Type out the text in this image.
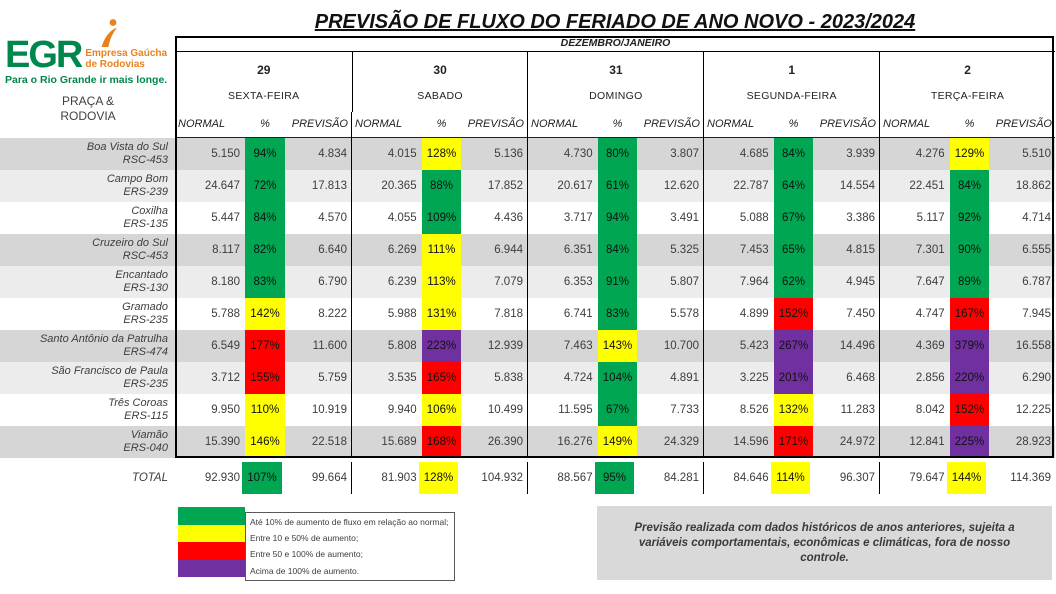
EGR Empresa Gaúcha
de Rodovias
Para o Rio Grande ir mais longe.
PRAÇA &
RODOVIA
PREVISÃO DE FLUXO DO FERIADO DE ANO NOVO - 2023/2024
DEZEMBRO/JANEIRO
29	30	31	1	2
SEXTA-FEIRA	SABADO	DOMINGO	SEGUNDA-FEIRA	TERÇA-FEIRA
NORMAL	%	PREVISÃO NORMAL	%	PREVISÃO NORMAL	%	PREVISÃO NORMAL	%	PREVISÃO NORMAL	%	PREVISÃO
Boa Vista do Sul
RSC-453	5.150	94%	4.834	4.015 128%	5.136	4.730	80%	3.807	4.685	84%	3.939	4.276 129%	5.510
Campo Bom
ERS-239	24.647	72%	17.813	20.365	88%	17.852	20.617	61%	12.620	22.787	64%	14.554	22.451	84%	18.862
Coxilha
ERS-135	5.447	84%	4.570	4.055 109%	4.436	3.717	94%	3.491	5.088	67%	3.386	5.117	92%	4.714
Cruzeiro do Sul
RSC-453	8.117	82%	6.640	6.269 111%	6.944	6.351	84%	5.325	7.453	65%	4.815	7.301	90%	6.555
Encantado
ERS-130	8.180	83%	6.790	6.239 113%	7.079	6.353	91%	5.807	7.964	62%	4.945	7.647	89%	6.787
Gramado
ERS-235	5.788 142%	8.222	5.988 131%	7.818	6.741	83%	5.578	4.899 152%	7.450	4.747 167%	7.945
Santo Antônio da Patrulha
ERS-474	6.549 177%	11.600	5.808 223%	12.939	7.463 143%	10.700	5.423 267%	14.496	4.369 379%	16.558
São Francisco de Paula
ERS-235	3.712 155%	5.759	3.535 165%	5.838	4.724 104%	4.891	3.225 201%	6.468	2.856 220%	6.290
Três Coroas
ERS-115	9.950 110%	10.919	9.940 106%	10.499	11.595	67%	7.733	8.526 132%	11.283	8.042 152%	12.225
Viamão
ERS-040	15.390 146%	22.518	15.689 168%	26.390	16.276 149%	24.329	14.596 171%	24.972	12.841 225%	28.923
TOTAL	92.930 107%	99.664	81.903 128%	104.932	88.567 95%	84.281	84.646 114%	96.307	79.647 144%	114.369
Até 10% de aumento de fluxo em relação ao normal;
Entre 10 e 50% de aumento;
Entre 50 e 100% de aumento;
Acima de 100% de aumento.
Previsão realizada com dados históricos de anos anteriores, sujeita a variáveis comportamentais, econômicas e climáticas, fora de nosso controle.
